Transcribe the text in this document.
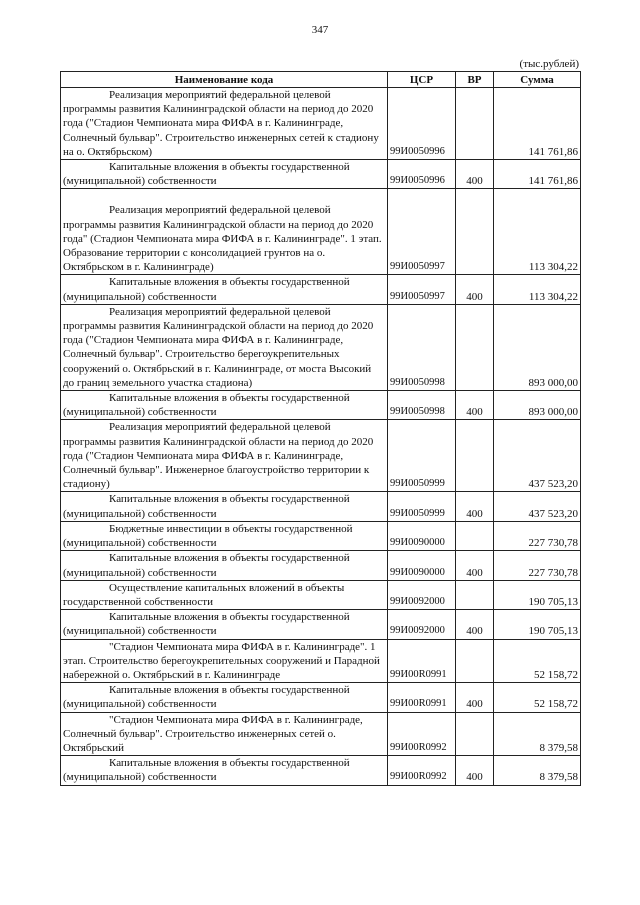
347
(тыс.рублей)
Наименование кода	ЦСР	ВР	Сумма

Реализация мероприятий федеральной целевой программы развития Калининградской области на период до 2020 года ("Стадион Чемпионата мира ФИФА в г. Калининграде, Солнечный бульвар". Строительство инженерных сетей к стадиону на о. Октябрьском)	99И0050996		141 761,86

Капитальные вложения в объекты государственной (муниципальной) собственности	99И0050996	400	141 761,86

Реализация мероприятий федеральной целевой программы развития Калининградской области на период до 2020 года" (Стадион Чемпионата мира ФИФА в г. Калининграде". 1 этап. Образование территории с консолидацией грунтов на о. Октябрьском в г. Калининграде)	99И0050997		113 304,22

Капитальные вложения в объекты государственной (муниципальной) собственности	99И0050997	400	113 304,22

Реализация мероприятий федеральной целевой программы развития Калининградской области на период до 2020 года ("Стадион Чемпионата мира ФИФА в г. Калининграде, Солнечный бульвар". Строительство берегоукрепительных сооружений о. Октябрьский в г. Калининграде, от моста Высокий до границ земельного участка стадиона)	99И0050998		893 000,00

Капитальные вложения в объекты государственной (муниципальной) собственности	99И0050998	400	893 000,00

Реализация мероприятий федеральной целевой программы развития Калининградской области на период до 2020 года ("Стадион Чемпионата мира ФИФА в г. Калининграде, Солнечный бульвар". Инженерное благоустройство территории к стадиону)	99И0050999		437 523,20

Капитальные вложения в объекты государственной (муниципальной) собственности	99И0050999	400	437 523,20

Бюджетные инвестиции в объекты государственной (муниципальной) собственности	99И0090000		227 730,78

Капитальные вложения в объекты государственной (муниципальной) собственности	99И0090000	400	227 730,78

Осуществление капитальных вложений в объекты государственной собственности	99И0092000		190 705,13

Капитальные вложения в объекты государственной (муниципальной) собственности	99И0092000	400	190 705,13

"Стадион Чемпионата мира ФИФА в г. Калининграде". 1 этап. Строительство берегоукрепительных сооружений и Парадной набережной о. Октябрьский в г. Калининграде	99И00R0991		52 158,72

Капитальные вложения в объекты государственной (муниципальной) собственности	99И00R0991	400	52 158,72

"Стадион Чемпионата мира ФИФА в г. Калининграде, Солнечный бульвар". Строительство инженерных сетей о. Октябрьский	99И00R0992		8 379,58

Капитальные вложения в объекты государственной (муниципальной) собственности	99И00R0992	400	8 379,58
